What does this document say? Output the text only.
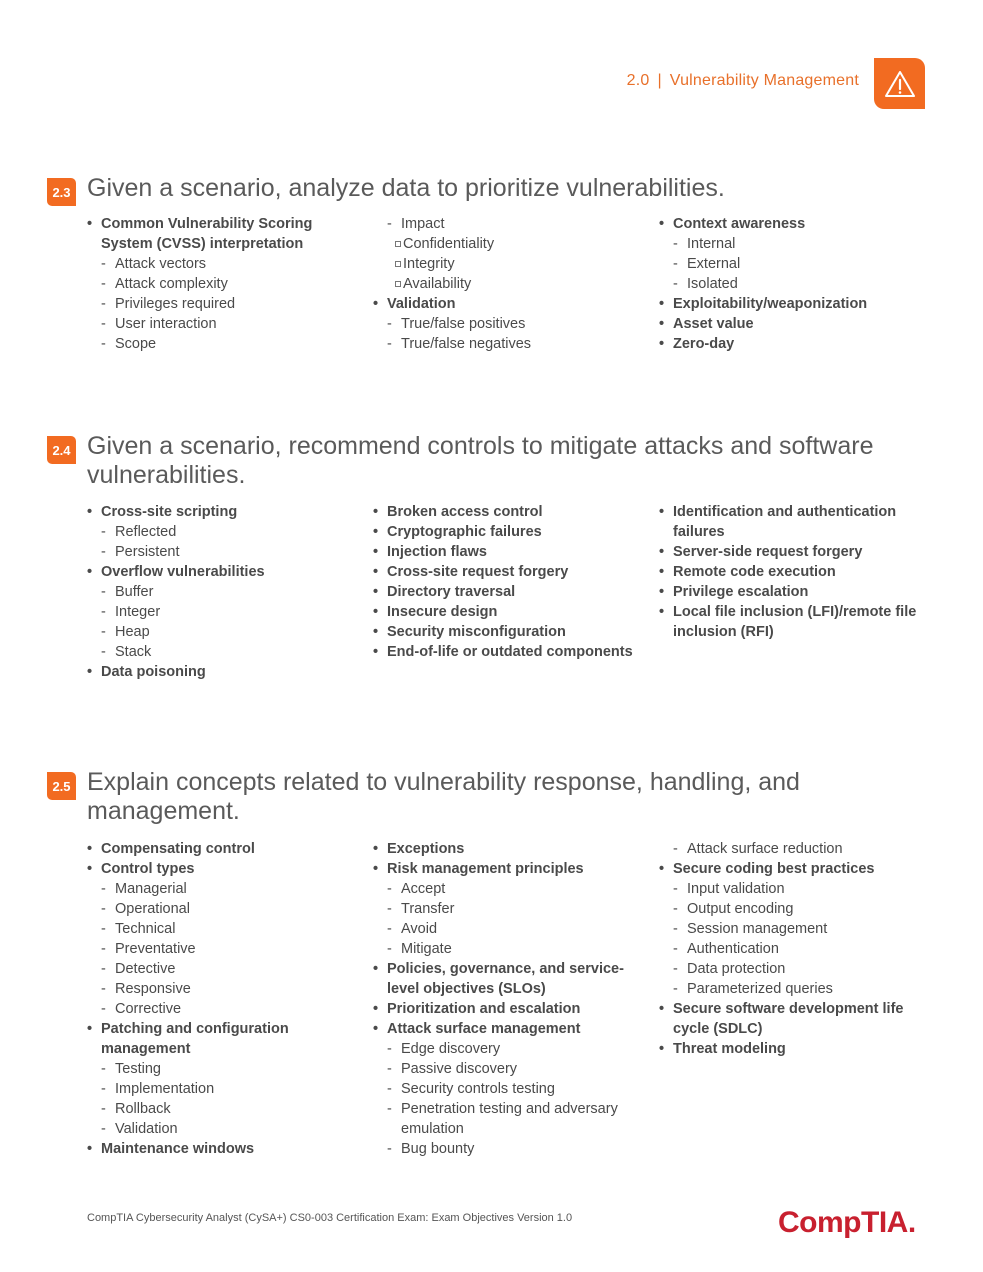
2.0 | Vulnerability Management
2.3 Given a scenario, analyze data to prioritize vulnerabilities.
• Common Vulnerability Scoring System (CVSS) interpretation
- Attack vectors
- Attack complexity
- Privileges required
- User interaction
- Scope
- Impact
Confidentiality
Integrity
Availability
• Validation
- True/false positives
- True/false negatives
• Context awareness
- Internal
- External
- Isolated
• Exploitability/weaponization
• Asset value
• Zero-day
2.4 Given a scenario, recommend controls to mitigate attacks and software vulnerabilities.
• Cross-site scripting
- Reflected
- Persistent
• Overflow vulnerabilities
- Buffer
- Integer
- Heap
- Stack
• Data poisoning
• Broken access control
• Cryptographic failures
• Injection flaws
• Cross-site request forgery
• Directory traversal
• Insecure design
• Security misconfiguration
• End-of-life or outdated components
• Identification and authentication failures
• Server-side request forgery
• Remote code execution
• Privilege escalation
• Local file inclusion (LFI)/remote file inclusion (RFI)
2.5 Explain concepts related to vulnerability response, handling, and management.
• Compensating control
• Control types
- Managerial
- Operational
- Technical
- Preventative
- Detective
- Responsive
- Corrective
• Patching and configuration management
- Testing
- Implementation
- Rollback
- Validation
• Maintenance windows
• Exceptions
• Risk management principles
- Accept
- Transfer
- Avoid
- Mitigate
• Policies, governance, and service-level objectives (SLOs)
• Prioritization and escalation
• Attack surface management
- Edge discovery
- Passive discovery
- Security controls testing
- Penetration testing and adversary emulation
- Bug bounty
- Attack surface reduction
• Secure coding best practices
- Input validation
- Output encoding
- Session management
- Authentication
- Data protection
- Parameterized queries
• Secure software development life cycle (SDLC)
• Threat modeling
CompTIA Cybersecurity Analyst (CySA+) CS0-003 Certification Exam: Exam Objectives Version 1.0	CompTIA.
